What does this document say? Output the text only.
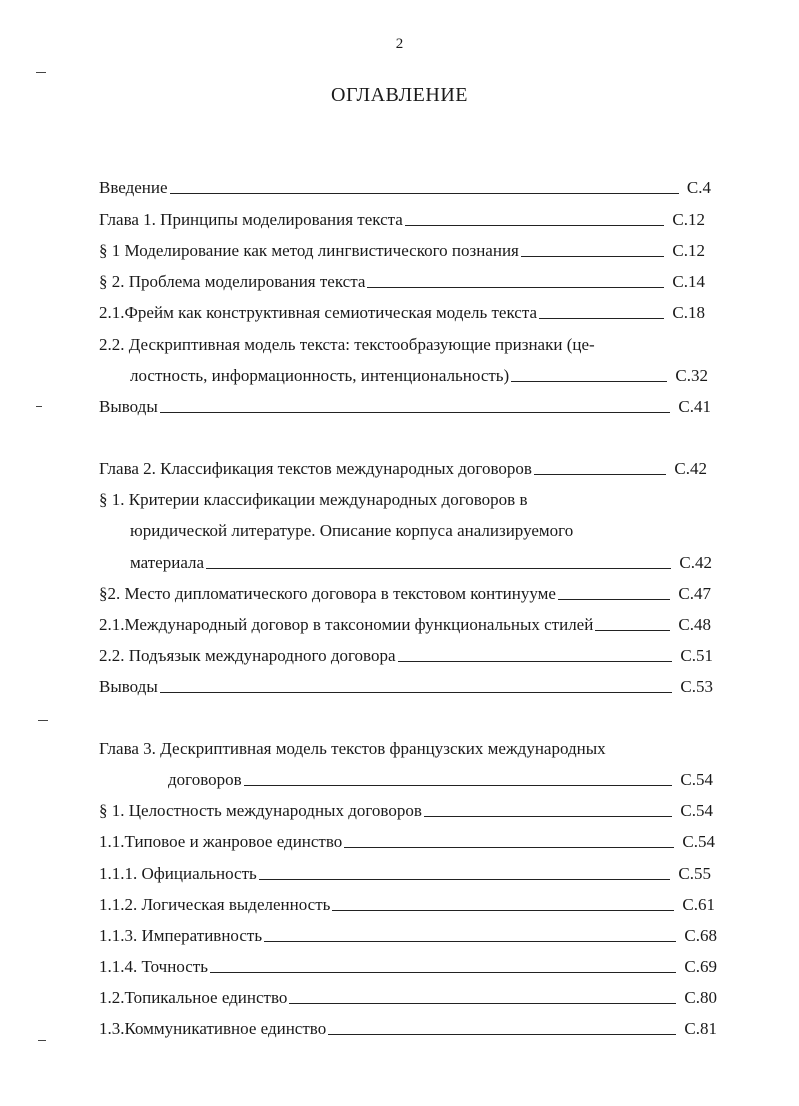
2
ОГЛАВЛЕНИЕ
Введение	С.4
Глава 1. Принципы моделирования текста	С.12
§ 1 Моделирование как метод лингвистического познания	С.12
§ 2. Проблема моделирования текста	С.14
2.1.Фрейм как конструктивная семиотическая модель текста	С.18
2.2. Дескриптивная модель текста: текстообразующие признаки (це-
лостность, информационность, интенциональность)	С.32
Выводы	С.41
Глава 2. Классификация текстов международных договоров	С.42
§ 1. Критерии классификации международных договоров в
юридической литературе. Описание корпуса анализируемого
материала	С.42
§2. Место дипломатического договора в текстовом континууме	С.47
2.1.Международный договор в таксономии функциональных стилей	С.48
2.2. Подъязык международного договора	С.51
Выводы	С.53
Глава 3. Дескриптивная модель текстов французских международных
договоров	С.54
§ 1. Целостность международных договоров	С.54
1.1.Типовое и жанровое единство	С.54
1.1.1. Официальность	С.55
1.1.2. Логическая выделенность	С.61
1.1.3. Императивность	С.68
1.1.4. Точность	С.69
1.2.Топикальное единство	С.80
1.3.Коммуникативное единство	С.81
